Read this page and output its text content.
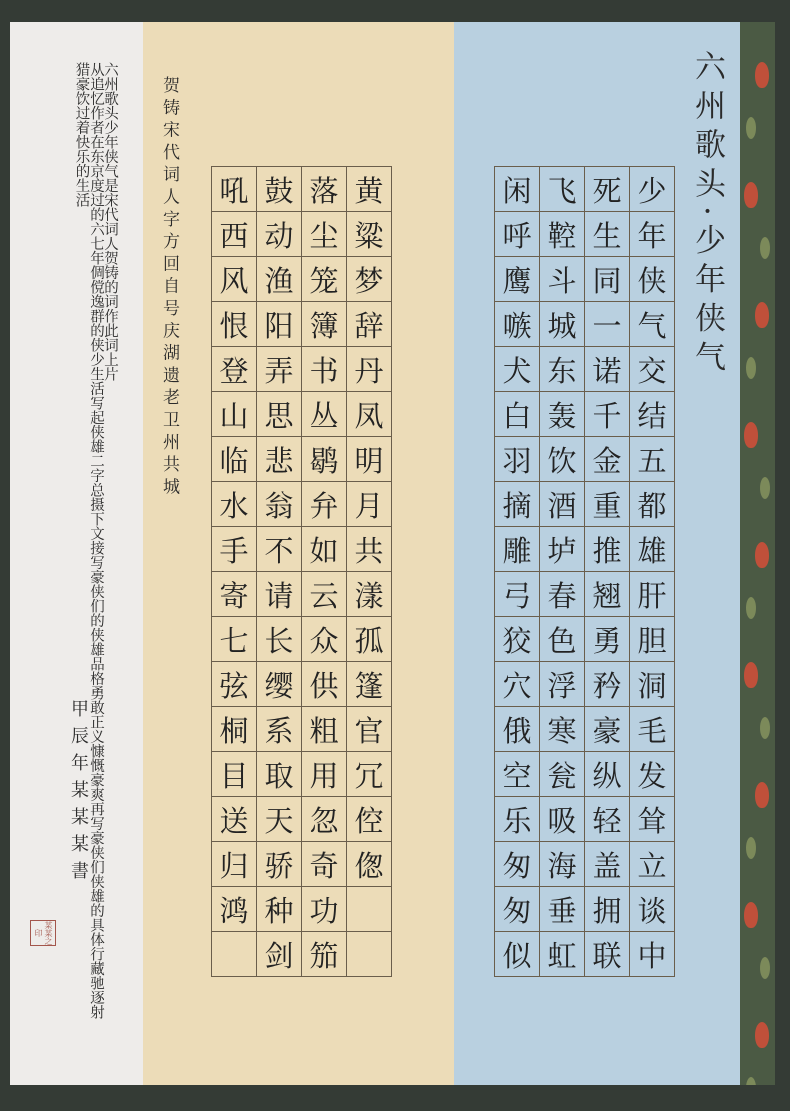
六州歌头少年侠气是宋代词人贺铸的词作此词上片
从追忆作者在东京度过的六七年倜傥逸群的侠少生活写起侠雄二字总摄下文接写豪侠们的侠雄品格勇敢正义慷慨豪爽再写豪侠们侠雄的具体行藏驰逐射猎豪饮过着快乐的生活
甲辰年某某某書
某某之印
贺铸宋代词人字方回自号庆湖遗老卫州共城 吼	鼓	落	黄
西	动	尘	粱
风	渔	笼	梦
恨	阳	簿	辞
登	弄	书	丹
山	思	丛	凤
临	悲	鹖	明
水	翁	弁	月
手	不	如	共
寄	请	云	漾
七	长	众	孤
弦	缨	供	篷
桐	系	粗	官
目	取	用	冗
送	天	忽	倥
归	骄	奇	偬
鸿	种	功	
	剑	笳	
六州歌头·少年侠气
闲	飞	死	少
呼	鞚	生	年
鹰	斗	同	侠
嗾	城	一	气
犬	东	诺	交
白	轰	千	结
羽	饮	金	五
摘	酒	重	都
雕	垆	推	雄
弓	春	翘	肝
狡	色	勇	胆
穴	浮	矜	洞
俄	寒	豪	毛
空	瓮	纵	发
乐	吸	轻	耸
匆	海	盖	立
匆	垂	拥	谈
似	虹	联	中
